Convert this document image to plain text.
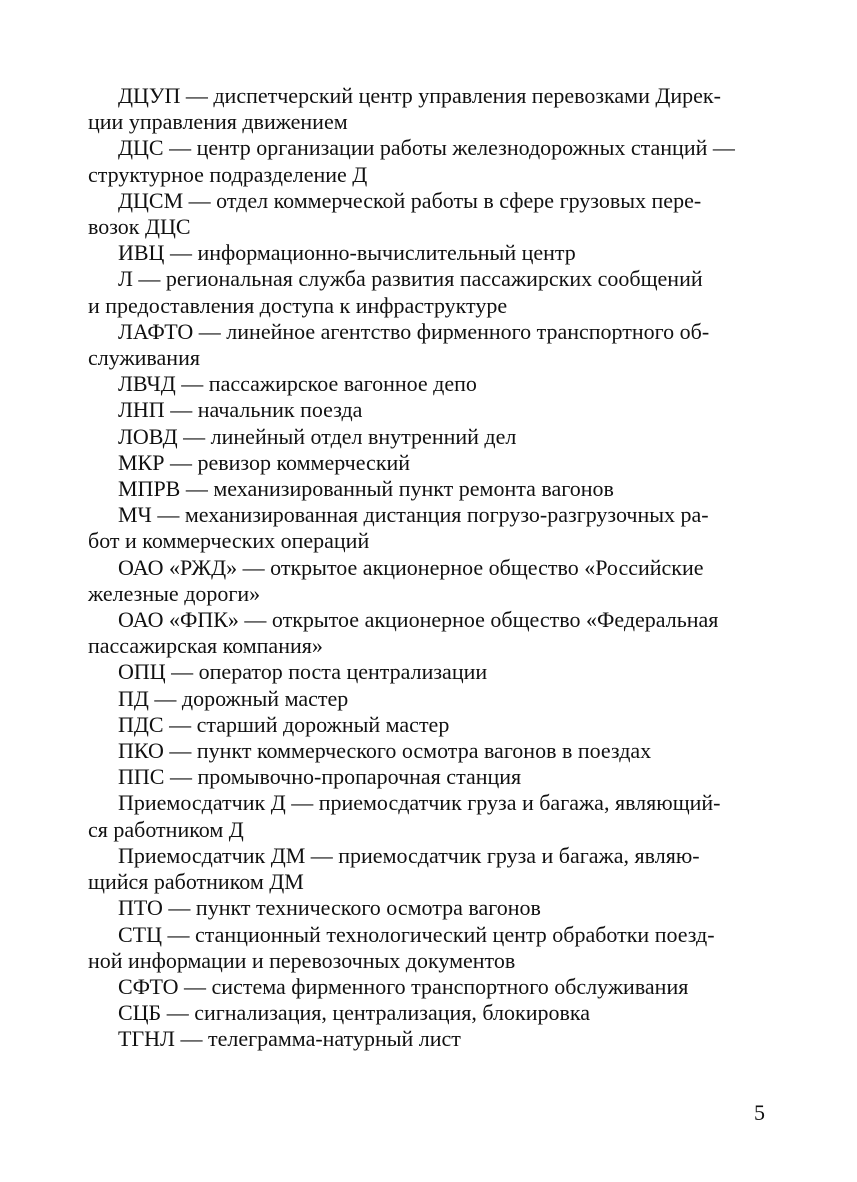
ДЦУП — диспетчерский центр управления перевозками Дирек-
ции управления движением

ДЦС — центр организации работы железнодорожных станций —
структурное подразделение Д

ДЦСМ — отдел коммерческой работы в сфере грузовых пере-
возок ДЦС

ИВЦ — информационно-вычислительный центр

Л — региональная служба развития пассажирских сообщений
и предоставления доступа к инфраструктуре

ЛАФТО — линейное агентство фирменного транспортного об-
служивания

ЛВЧД — пассажирское вагонное депо

ЛНП — начальник поезда

ЛОВД — линейный отдел внутренний дел

МКР — ревизор коммерческий

МПРВ — механизированный пункт ремонта вагонов

МЧ — механизированная дистанция погрузо-разгрузочных ра-
бот и коммерческих операций

ОАО «РЖД» — открытое акционерное общество «Российские
железные дороги»

ОАО «ФПК» — открытое акционерное общество «Федеральная
пассажирская компания»

ОПЦ — оператор поста централизации

ПД — дорожный мастер

ПДС — старший дорожный мастер

ПКО — пункт коммерческого осмотра вагонов в поездах

ППС — промывочно-пропарочная станция

Приемосдатчик Д — приемосдатчик груза и багажа, являющий-
ся работником Д

Приемосдатчик ДМ — приемосдатчик груза и багажа, являю-
щийся работником ДМ

ПТО — пункт технического осмотра вагонов

СТЦ — станционный технологический центр обработки поезд-
ной информации и перевозочных документов

СФТО — система фирменного транспортного обслуживания

СЦБ — сигнализация, централизация, блокировка

ТГНЛ — телеграмма-натурный лист

5
